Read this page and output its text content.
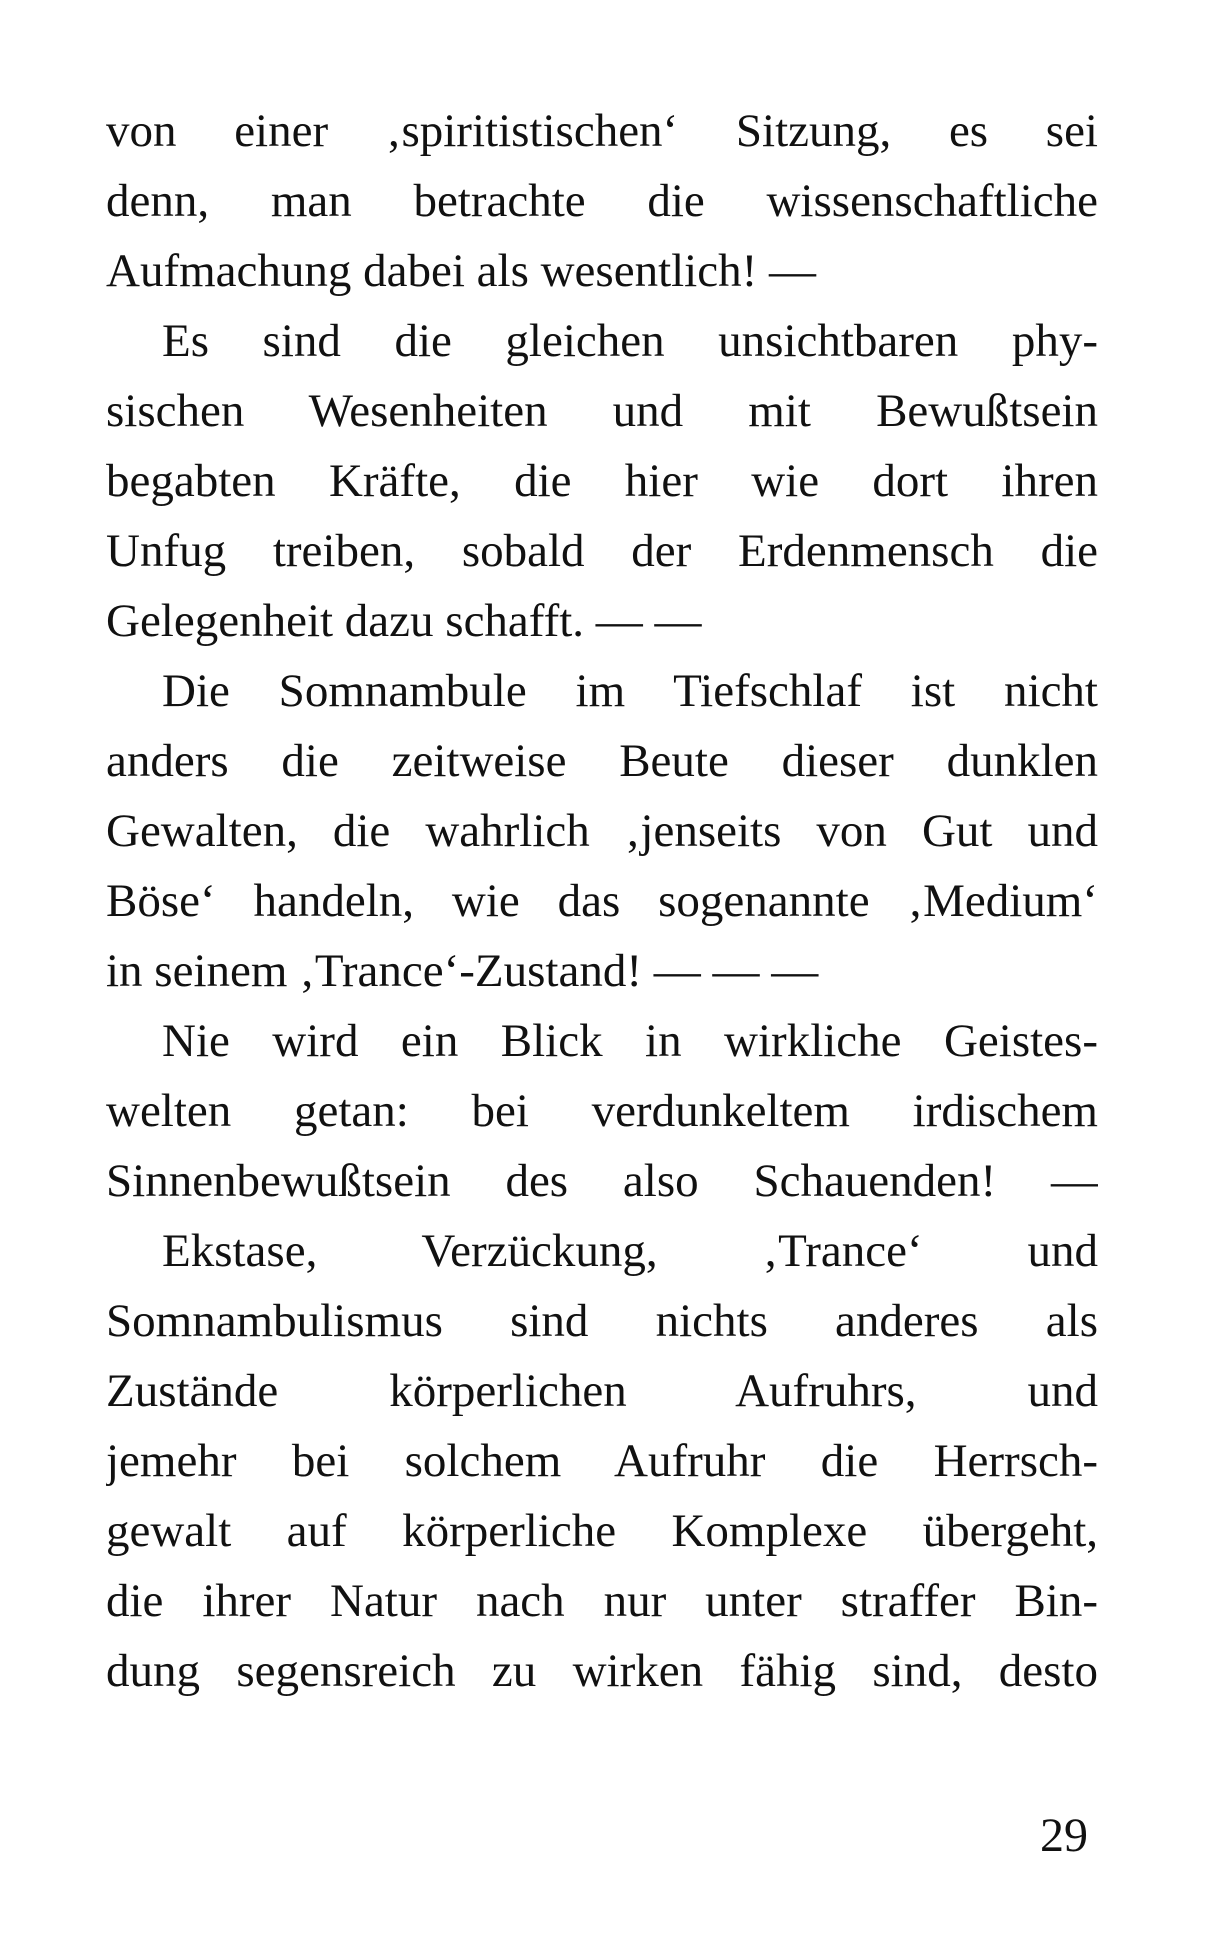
von einer ‚spiritistischen‘ Sitzung, es sei
denn, man betrachte die wissenschaftliche
Aufmachung dabei als wesentlich! —
Es sind die gleichen unsichtbaren phy-
sischen Wesenheiten und mit Bewußtsein
begabten Kräfte, die hier wie dort ihren
Unfug treiben, sobald der Erdenmensch die
Gelegenheit dazu schafft. — —
Die Somnambule im Tiefschlaf ist nicht
anders die zeitweise Beute dieser dunklen
Gewalten, die wahrlich ‚jenseits von Gut und
Böse‘ handeln, wie das sogenannte ‚Medium‘
in seinem ‚Trance‘-Zustand! — — —
Nie wird ein Blick in wirkliche Geistes-
welten getan: bei verdunkeltem irdischem
Sinnenbewußtsein des also Schauenden! —
Ekstase, Verzückung, ‚Trance‘ und
Somnambulismus sind nichts anderes als
Zustände körperlichen Aufruhrs, und
jemehr bei solchem Aufruhr die Herrsch-
gewalt auf körperliche Komplexe übergeht,
die ihrer Natur nach nur unter straffer Bin-
dung segensreich zu wirken fähig sind, desto
29
